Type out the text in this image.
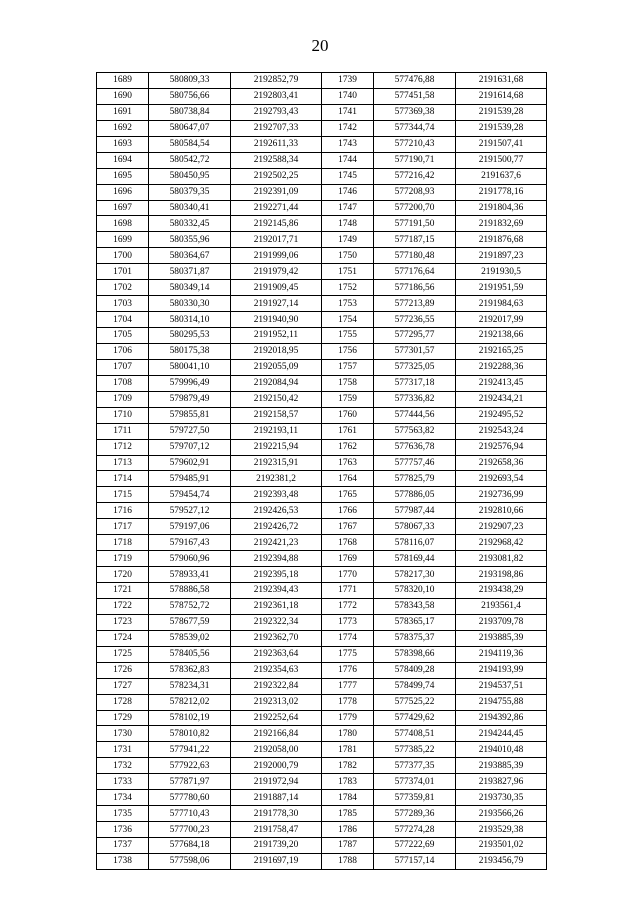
20
1689	580809,33	2192852,79	1739	577476,88	2191631,68
1690	580756,66	2192803,41	1740	577451,58	2191614,68
1691	580738,84	2192793,43	1741	577369,38	2191539,28
1692	580647,07	2192707,33	1742	577344,74	2191539,28
1693	580584,54	2192611,33	1743	577210,43	2191507,41
1694	580542,72	2192588,34	1744	577190,71	2191500,77
1695	580450,95	2192502,25	1745	577216,42	2191637,6
1696	580379,35	2192391,09	1746	577208,93	2191778,16
1697	580340,41	2192271,44	1747	577200,70	2191804,36
1698	580332,45	2192145,86	1748	577191,50	2191832,69
1699	580355,96	2192017,71	1749	577187,15	2191876,68
1700	580364,67	2191999,06	1750	577180,48	2191897,23
1701	580371,87	2191979,42	1751	577176,64	2191930,5
1702	580349,14	2191909,45	1752	577186,56	2191951,59
1703	580330,30	2191927,14	1753	577213,89	2191984,63
1704	580314,10	2191940,90	1754	577236,55	2192017,99
1705	580295,53	2191952,11	1755	577295,77	2192138,66
1706	580175,38	2192018,95	1756	577301,57	2192165,25
1707	580041,10	2192055,09	1757	577325,05	2192288,36
1708	579996,49	2192084,94	1758	577317,18	2192413,45
1709	579879,49	2192150,42	1759	577336,82	2192434,21
1710	579855,81	2192158,57	1760	577444,56	2192495,52
1711	579727,50	2192193,11	1761	577563,82	2192543,24
1712	579707,12	2192215,94	1762	577636,78	2192576,94
1713	579602,91	2192315,91	1763	577757,46	2192658,36
1714	579485,91	2192381,2	1764	577825,79	2192693,54
1715	579454,74	2192393,48	1765	577886,05	2192736,99
1716	579527,12	2192426,53	1766	577987,44	2192810,66
1717	579197,06	2192426,72	1767	578067,33	2192907,23
1718	579167,43	2192421,23	1768	578116,07	2192968,42
1719	579060,96	2192394,88	1769	578169,44	2193081,82
1720	578933,41	2192395,18	1770	578217,30	2193198,86
1721	578886,58	2192394,43	1771	578320,10	2193438,29
1722	578752,72	2192361,18	1772	578343,58	2193561,4
1723	578677,59	2192322,34	1773	578365,17	2193709,78
1724	578539,02	2192362,70	1774	578375,37	2193885,39
1725	578405,56	2192363,64	1775	578398,66	2194119,36
1726	578362,83	2192354,63	1776	578409,28	2194193,99
1727	578234,31	2192322,84	1777	578499,74	2194537,51
1728	578212,02	2192313,02	1778	577525,22	2194755,88
1729	578102,19	2192252,64	1779	577429,62	2194392,86
1730	578010,82	2192166,84	1780	577408,51	2194244,45
1731	577941,22	2192058,00	1781	577385,22	2194010,48
1732	577922,63	2192000,79	1782	577377,35	2193885,39
1733	577871,97	2191972,94	1783	577374,01	2193827,96
1734	577780,60	2191887,14	1784	577359,81	2193730,35
1735	577710,43	2191778,30	1785	577289,36	2193566,26
1736	577700,23	2191758,47	1786	577274,28	2193529,38
1737	577684,18	2191739,20	1787	577222,69	2193501,02
1738	577598,06	2191697,19	1788	577157,14	2193456,79
